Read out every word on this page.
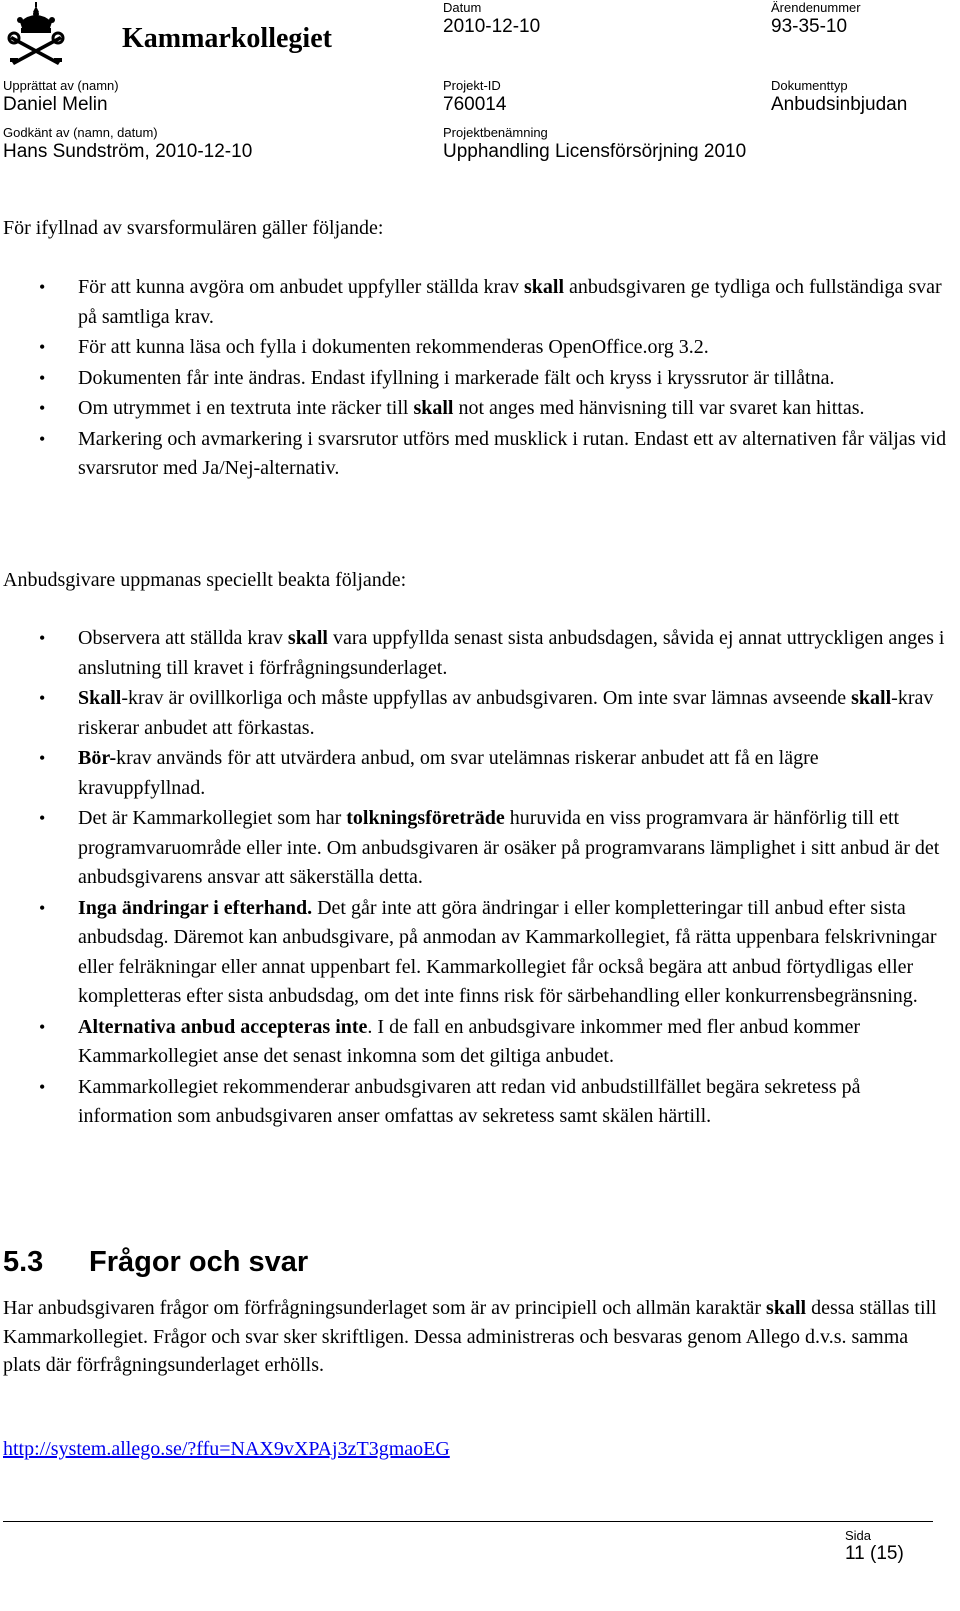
Kammarkollegiet
Datum
2010-12-10
Ärendenummer
93-35-10
Upprättat av (namn)
Daniel Melin
Projekt-ID
760014
Dokumenttyp
Anbudsinbjudan
Godkänt av (namn, datum)
Hans Sundström, 2010-12-10
Projektbenämning
Upphandling Licensförsörjning 2010

För ifyllnad av svarsformulären gäller följande:

• För att kunna avgöra om anbudet uppfyller ställda krav skall anbudsgivaren ge tydliga och fullständiga svar på samtliga krav.
• För att kunna läsa och fylla i dokumenten rekommenderas OpenOffice.org 3.2.
• Dokumenten får inte ändras. Endast ifyllning i markerade fält och kryss i kryssrutor är tillåtna.
• Om utrymmet i en textruta inte räcker till skall not anges med hänvisning till var svaret kan hittas.
• Markering och avmarkering i svarsrutor utförs med musklick i rutan. Endast ett av alternativen får väljas vid svarsrutor med Ja/Nej-alternativ.

Anbudsgivare uppmanas speciellt beakta följande:

• Observera att ställda krav skall vara uppfyllda senast sista anbudsdagen, såvida ej annat uttryckligen anges i anslutning till kravet i förfrågningsunderlaget.
• Skall-krav är ovillkorliga och måste uppfyllas av anbudsgivaren. Om inte svar lämnas avseende skall-krav riskerar anbudet att förkastas.
• Bör-krav används för att utvärdera anbud, om svar utelämnas riskerar anbudet att få en lägre kravuppfyllnad.
• Det är Kammarkollegiet som har tolkningsföreträde huruvida en viss programvara är hänförlig till ett programvaruområde eller inte. Om anbudsgivaren är osäker på programvarans lämplighet i sitt anbud är det anbudsgivarens ansvar att säkerställa detta.
• Inga ändringar i efterhand. Det går inte att göra ändringar i eller kompletteringar till anbud efter sista anbudsdag. Däremot kan anbudsgivare, på anmodan av Kammarkollegiet, få rätta uppenbara felskrivningar eller felräkningar eller annat uppenbart fel. Kammarkollegiet får också begära att anbud förtydligas eller kompletteras efter sista anbudsdag, om det inte finns risk för särbehandling eller konkurrensbegränsning.
• Alternativa anbud accepteras inte. I de fall en anbudsgivare inkommer med fler anbud kommer Kammarkollegiet anse det senast inkomna som det giltiga anbudet.
• Kammarkollegiet rekommenderar anbudsgivaren att redan vid anbudstillfället begära sekretess på information som anbudsgivaren anser omfattas av sekretess samt skälen härtill.
5.3 Frågor och svar

Har anbudsgivaren frågor om förfrågningsunderlaget som är av principiell och allmän karaktär skall dessa ställas till Kammarkollegiet. Frågor och svar sker skriftligen. Dessa administreras och besvaras genom Allego d.v.s. samma plats där förfrågningsunderlaget erhölls.

http://system.allego.se/?ffu=NAX9vXPAj3zT3gmaoEG
Sida
11 (15)
